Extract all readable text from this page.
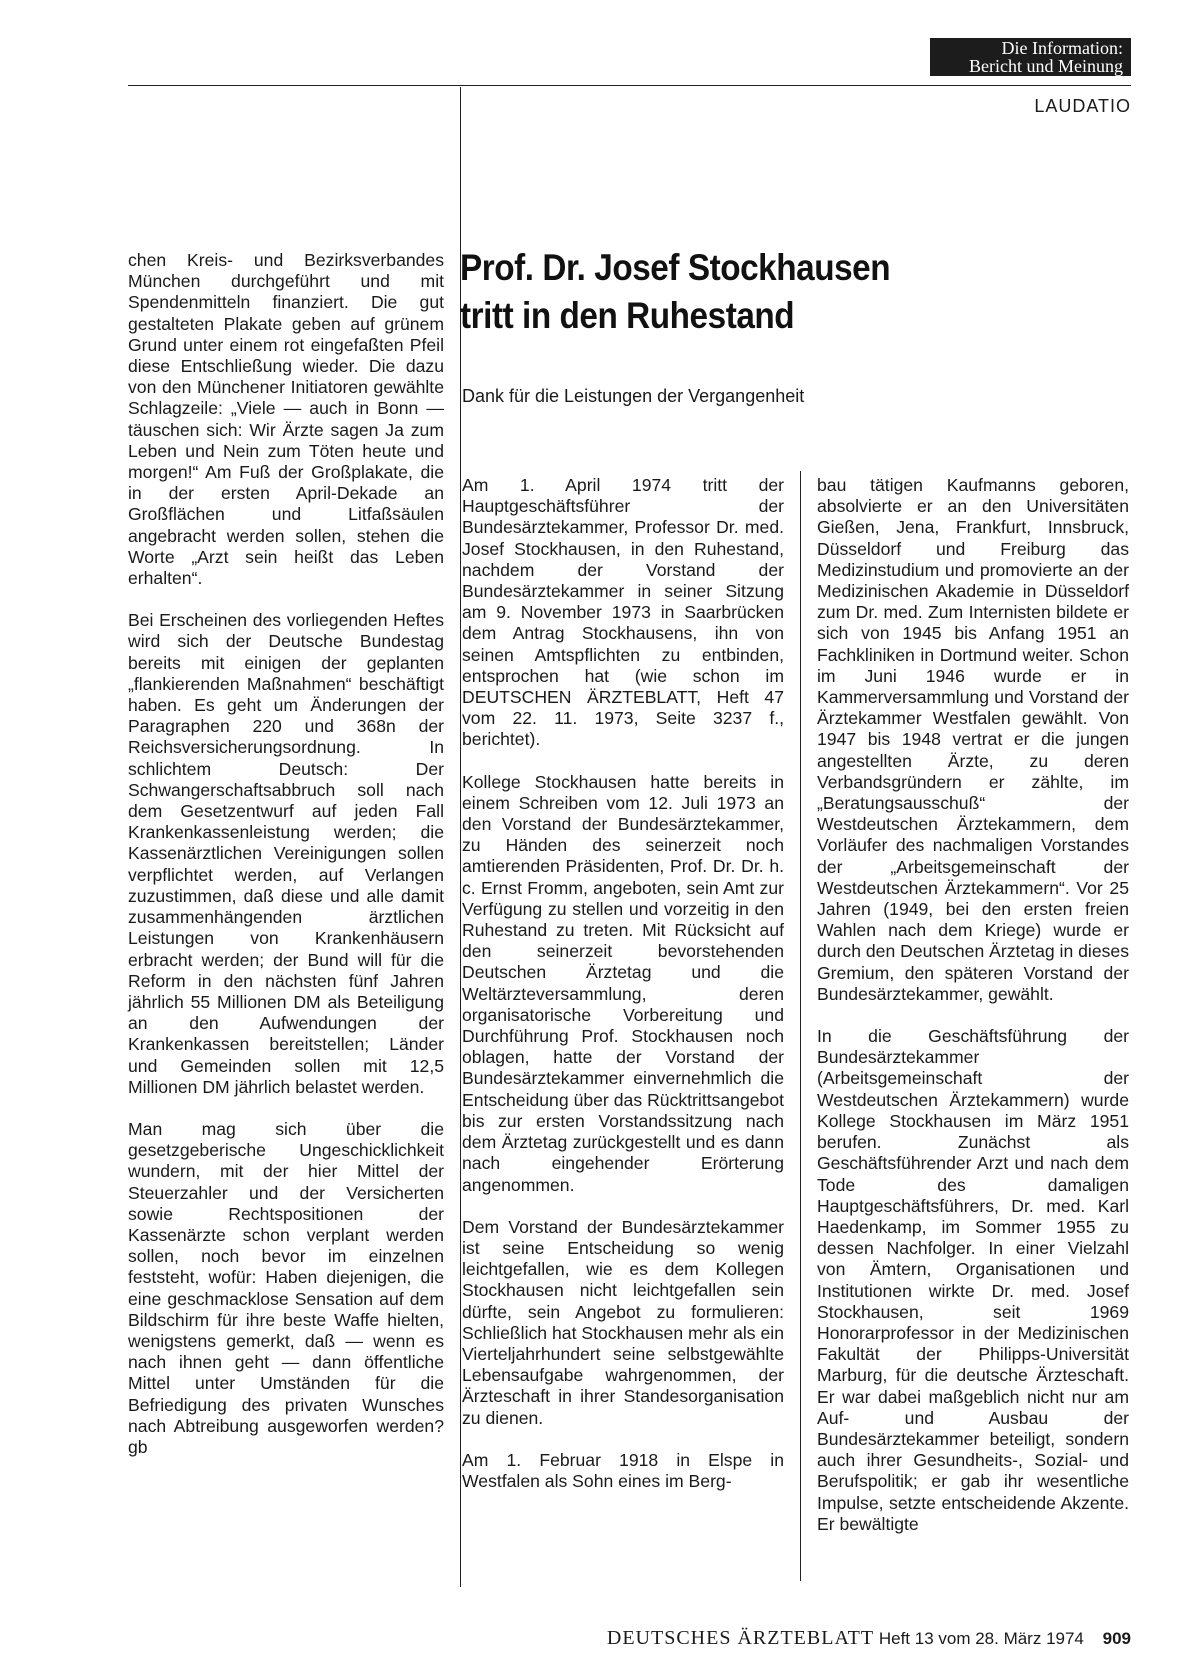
Die Information:
Bericht und Meinung
LAUDATIO
Prof. Dr. Josef Stockhausen
tritt in den Ruhestand
Dank für die Leistungen der Vergangenheit

chen Kreis- und Bezirksverbandes München durchgeführt und mit Spendenmitteln finanziert. Die gut gestalteten Plakate geben auf grünem Grund unter einem rot eingefaßten Pfeil diese Entschließung wieder. Die dazu von den Münchener Initiatoren gewählte Schlagzeile: „Viele — auch in Bonn — täuschen sich: Wir Ärzte sagen Ja zum Leben und Nein zum Töten heute und morgen!“ Am Fuß der Großplakate, die in der ersten April-Dekade an Großflächen und Litfaßsäulen angebracht werden sollen, stehen die Worte „Arzt sein heißt das Leben erhalten“.

Bei Erscheinen des vorliegenden Heftes wird sich der Deutsche Bundestag bereits mit einigen der geplanten „flankierenden Maßnahmen“ beschäftigt haben. Es geht um Änderungen der Paragraphen 220 und 368n der Reichsversicherungsordnung. In schlichtem Deutsch: Der Schwangerschaftsabbruch soll nach dem Gesetzentwurf auf jeden Fall Krankenkassenleistung werden; die Kassenärztlichen Vereinigungen sollen verpflichtet werden, auf Verlangen zuzustimmen, daß diese und alle damit zusammenhängenden ärztlichen Leistungen von Krankenhäusern erbracht werden; der Bund will für die Reform in den nächsten fünf Jahren jährlich 55 Millionen DM als Beteiligung an den Aufwendungen der Krankenkassen bereitstellen; Länder und Gemeinden sollen mit 12,5 Millionen DM jährlich belastet werden.

Man mag sich über die gesetzgeberische Ungeschicklichkeit wundern, mit der hier Mittel der Steuerzahler und der Versicherten sowie Rechtspositionen der Kassenärzte schon verplant werden sollen, noch bevor im einzelnen feststeht, wofür: Haben diejenigen, die eine geschmacklose Sensation auf dem Bildschirm für ihre beste Waffe hielten, wenigstens gemerkt, daß — wenn es nach ihnen geht — dann öffentliche Mittel unter Umständen für die Befriedigung des privaten Wunsches nach Abtreibung ausgeworfen werden? gb

Am 1. April 1974 tritt der Hauptgeschäftsführer der Bundesärztekammer, Professor Dr. med. Josef Stockhausen, in den Ruhestand, nachdem der Vorstand der Bundesärztekammer in seiner Sitzung am 9. November 1973 in Saarbrücken dem Antrag Stockhausens, ihn von seinen Amtspflichten zu entbinden, entsprochen hat (wie schon im DEUTSCHEN ÄRZTEBLATT, Heft 47 vom 22. 11. 1973, Seite 3237 f., berichtet).

Kollege Stockhausen hatte bereits in einem Schreiben vom 12. Juli 1973 an den Vorstand der Bundesärztekammer, zu Händen des seinerzeit noch amtierenden Präsidenten, Prof. Dr. Dr. h. c. Ernst Fromm, angeboten, sein Amt zur Verfügung zu stellen und vorzeitig in den Ruhestand zu treten. Mit Rücksicht auf den seinerzeit bevorstehenden Deutschen Ärztetag und die Weltärzteversammlung, deren organisatorische Vorbereitung und Durchführung Prof. Stockhausen noch oblagen, hatte der Vorstand der Bundesärztekammer einvernehmlich die Entscheidung über das Rücktrittsangebot bis zur ersten Vorstandssitzung nach dem Ärztetag zurückgestellt und es dann nach eingehender Erörterung angenommen.

Dem Vorstand der Bundesärztekammer ist seine Entscheidung so wenig leichtgefallen, wie es dem Kollegen Stockhausen nicht leichtgefallen sein dürfte, sein Angebot zu formulieren: Schließlich hat Stockhausen mehr als ein Vierteljahrhundert seine selbstgewählte Lebensaufgabe wahrgenommen, der Ärzteschaft in ihrer Standesorganisation zu dienen.

Am 1. Februar 1918 in Elspe in Westfalen als Sohn eines im Berg-

bau tätigen Kaufmanns geboren, absolvierte er an den Universitäten Gießen, Jena, Frankfurt, Innsbruck, Düsseldorf und Freiburg das Medizinstudium und promovierte an der Medizinischen Akademie in Düsseldorf zum Dr. med. Zum Internisten bildete er sich von 1945 bis Anfang 1951 an Fachkliniken in Dortmund weiter. Schon im Juni 1946 wurde er in Kammerversammlung und Vorstand der Ärztekammer Westfalen gewählt. Von 1947 bis 1948 vertrat er die jungen angestellten Ärzte, zu deren Verbandsgründern er zählte, im „Beratungsausschuß“ der Westdeutschen Ärztekammern, dem Vorläufer des nachmaligen Vorstandes der „Arbeitsgemeinschaft der Westdeutschen Ärztekammern“. Vor 25 Jahren (1949, bei den ersten freien Wahlen nach dem Kriege) wurde er durch den Deutschen Ärztetag in dieses Gremium, den späteren Vorstand der Bundesärztekammer, gewählt.

In die Geschäftsführung der Bundesärztekammer (Arbeitsgemeinschaft der Westdeutschen Ärztekammern) wurde Kollege Stockhausen im März 1951 berufen. Zunächst als Geschäftsführender Arzt und nach dem Tode des damaligen Hauptgeschäftsführers, Dr. med. Karl Haedenkamp, im Sommer 1955 zu dessen Nachfolger. In einer Vielzahl von Ämtern, Organisationen und Institutionen wirkte Dr. med. Josef Stockhausen, seit 1969 Honorarprofessor in der Medizinischen Fakultät der Philipps-Universität Marburg, für die deutsche Ärzteschaft. Er war dabei maßgeblich nicht nur am Auf- und Ausbau der Bundesärztekammer beteiligt, sondern auch ihrer Gesundheits-, Sozial- und Berufspolitik; er gab ihr wesentliche Impulse, setzte entscheidende Akzente. Er bewältigte

DEUTSCHES ÄRZTEBLATT Heft 13 vom 28. März 1974 909
